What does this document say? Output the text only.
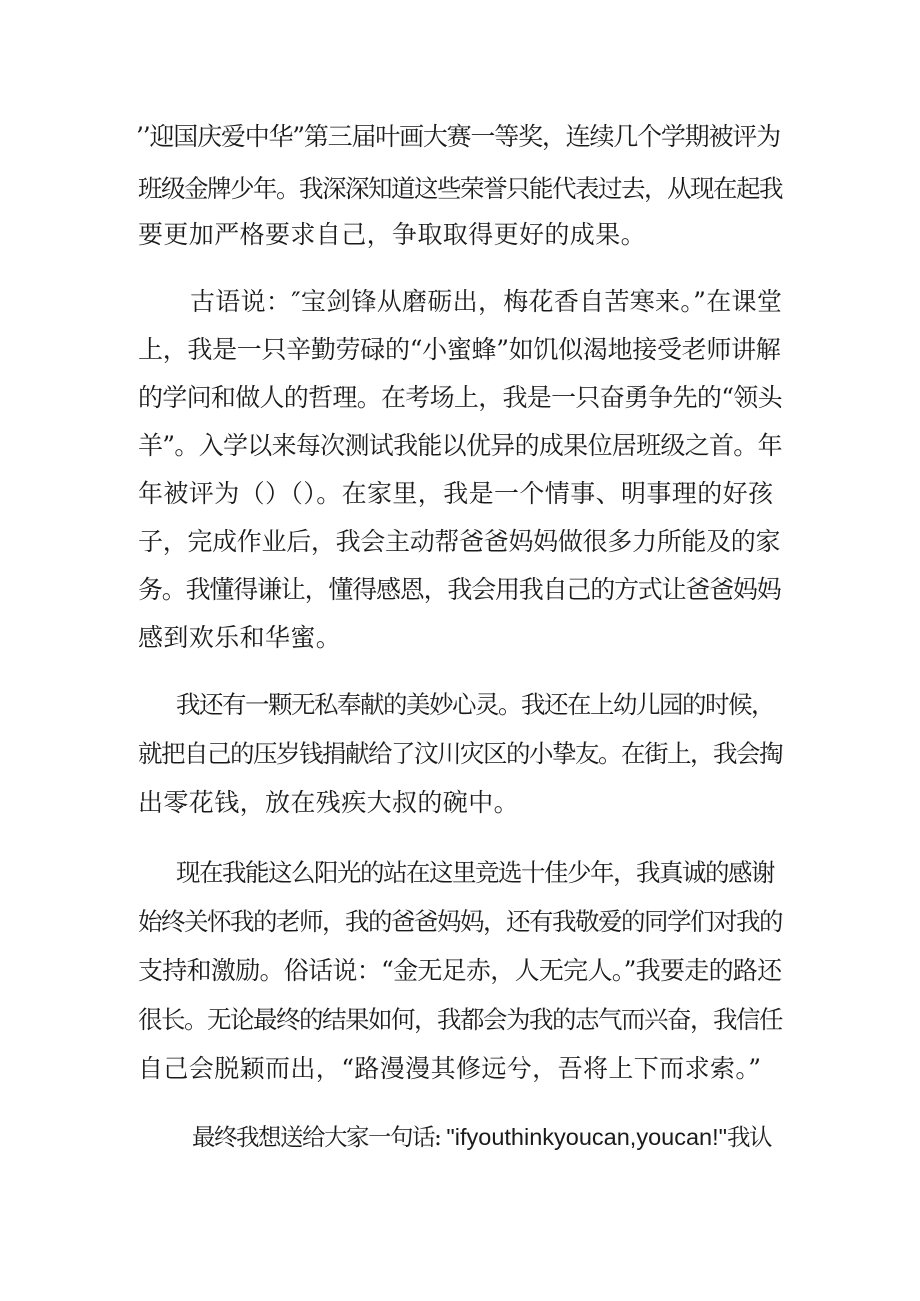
’’迎国庆爱中华”第三届叶画大赛一等奖，连续几个学期被评为
班级金牌少年。我深深知道这些荣誉只能代表过去，从现在起我
要更加严格要求自己，争取取得更好的成果。
古语说：″宝剑锋从磨砺出，梅花香自苦寒来。”在课堂
上，我是一只辛勤劳碌的“小蜜蜂”如饥似渴地接受老师讲解
的学问和做人的哲理。在考场上，我是一只奋勇争先的“领头
羊”。入学以来每次测试我能以优异的成果位居班级之首。年
年被评为（）（）。在家里，我是一个情事、明事理的好孩
子，完成作业后，我会主动帮爸爸妈妈做很多力所能及的家
务。我懂得谦让，懂得感恩，我会用我自己的方式让爸爸妈妈
感到欢乐和华蜜。
我还有一颗无私奉献的美妙心灵。我还在上幼儿园的时候，
就把自己的压岁钱捐献给了汶川灾区的小挚友。在街上，我会掏
出零花钱，放在残疾大叔的碗中。
现在我能这么阳光的站在这里竞选十佳少年，我真诚的感谢
始终关怀我的老师，我的爸爸妈妈，还有我敬爱的同学们对我的
支持和激励。俗话说：“金无足赤，人无完人。”我要走的路还
很长。无论最终的结果如何，我都会为我的志气而兴奋，我信任
自己会脱颖而出，“路漫漫其修远兮，吾将上下而求索。”
最终我想送给大家一句话: "ifyouthinkyoucan,youcan!"我认
